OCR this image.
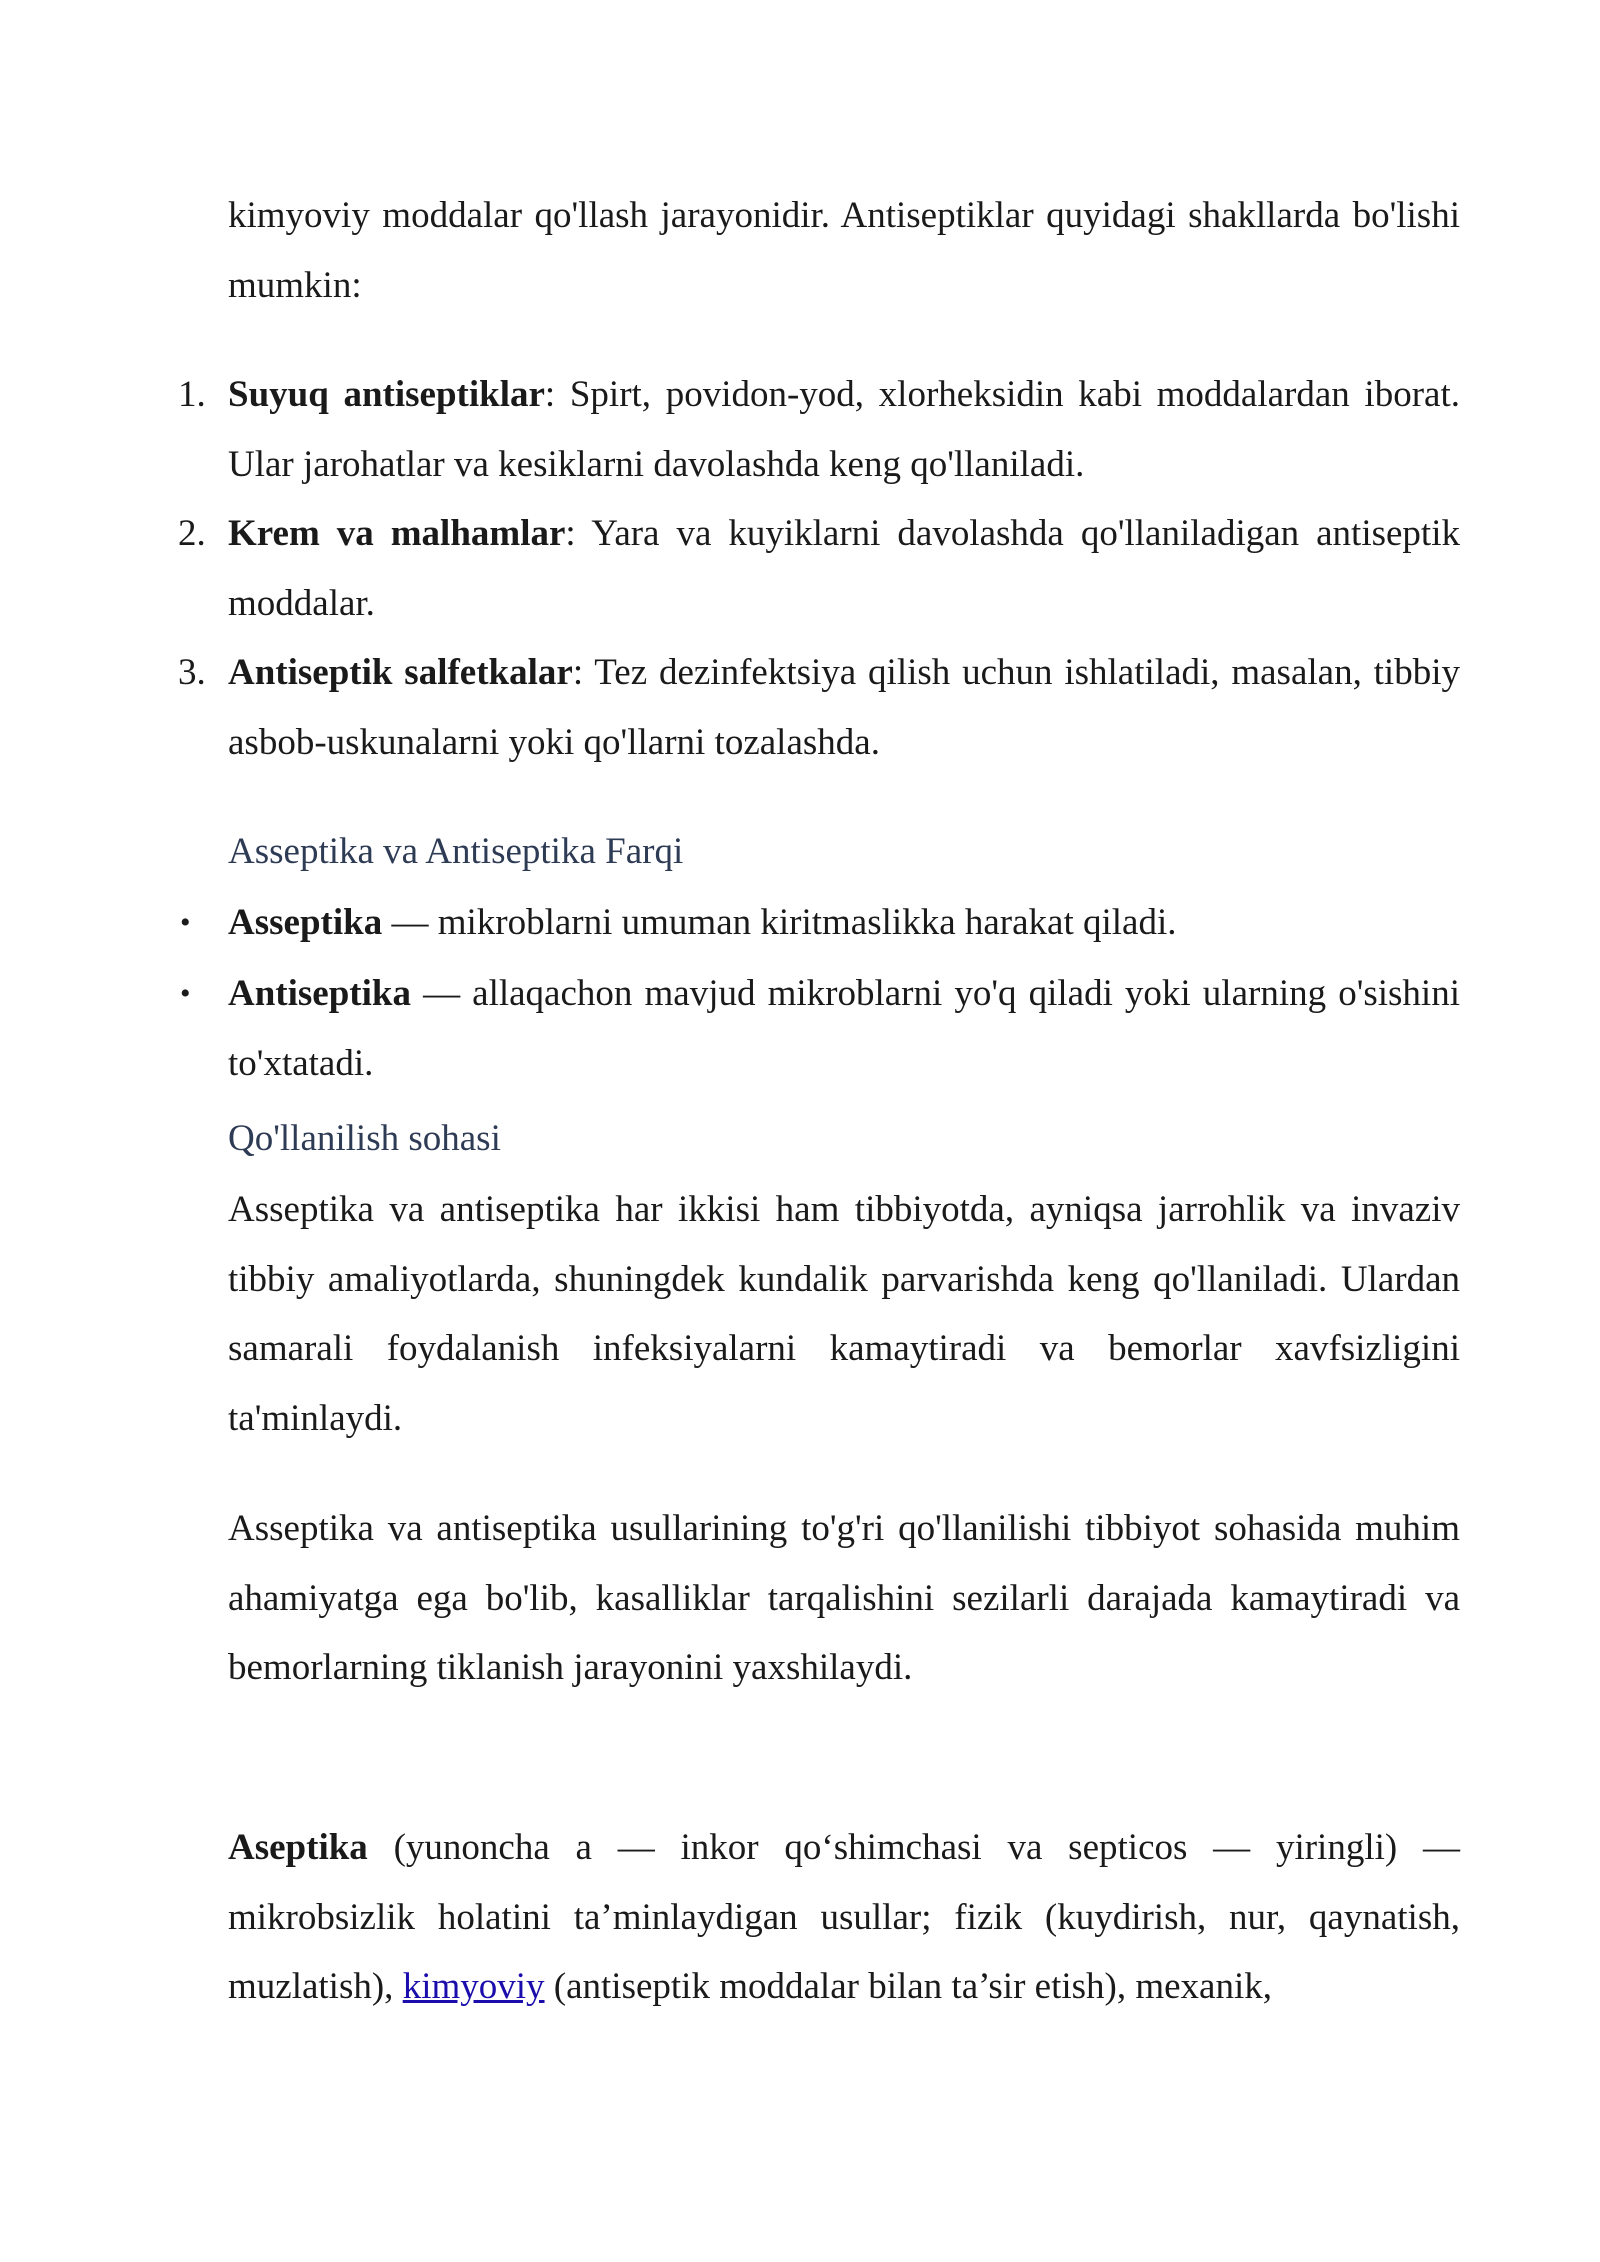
kimyoviy moddalar qo'llash jarayonidir. Antiseptiklar quyidagi shakllarda bo'lishi mumkin:

1. Suyuq antiseptiklar: Spirt, povidon-yod, xlorheksidin kabi moddalardan iborat. Ular jarohatlar va kesiklarni davolashda keng qo'llaniladi.

2. Krem va malhamlar: Yara va kuyiklarni davolashda qo'llaniladigan antiseptik moddalar.

3. Antiseptik salfetkalar: Tez dezinfektsiya qilish uchun ishlatiladi, masalan, tibbiy asbob-uskunalarni yoki qo'llarni tozalashda.

Asseptika va Antiseptika Farqi
• Asseptika — mikroblarni umuman kiritmaslikka harakat qiladi.

• Antiseptika — allaqachon mavjud mikroblarni yo'q qiladi yoki ularning o'sishini to'xtatadi.

Qo'llanilish sohasi

Asseptika va antiseptika har ikkisi ham tibbiyotda, ayniqsa jarrohlik va invaziv tibbiy amaliyotlarda, shuningdek kundalik parvarishda keng qo'llaniladi. Ulardan samarali foydalanish infeksiyalarni kamaytiradi va bemorlar xavfsizligini ta'minlaydi.

Asseptika va antiseptika usullarining to'g'ri qo'llanilishi tibbiyot sohasida muhim ahamiyatga ega bo'lib, kasalliklar tarqalishini sezilarli darajada kamaytiradi va bemorlarning tiklanish jarayonini yaxshilaydi.

Aseptika (yunoncha a — inkor qo‘shimchasi va septicos — yiringli) — mikrobsizlik holatini ta’minlaydigan usullar; fizik (kuydirish, nur, qaynatish, muzlatish), kimyoviy (antiseptik moddalar bilan ta’sir etish), mexanik,
